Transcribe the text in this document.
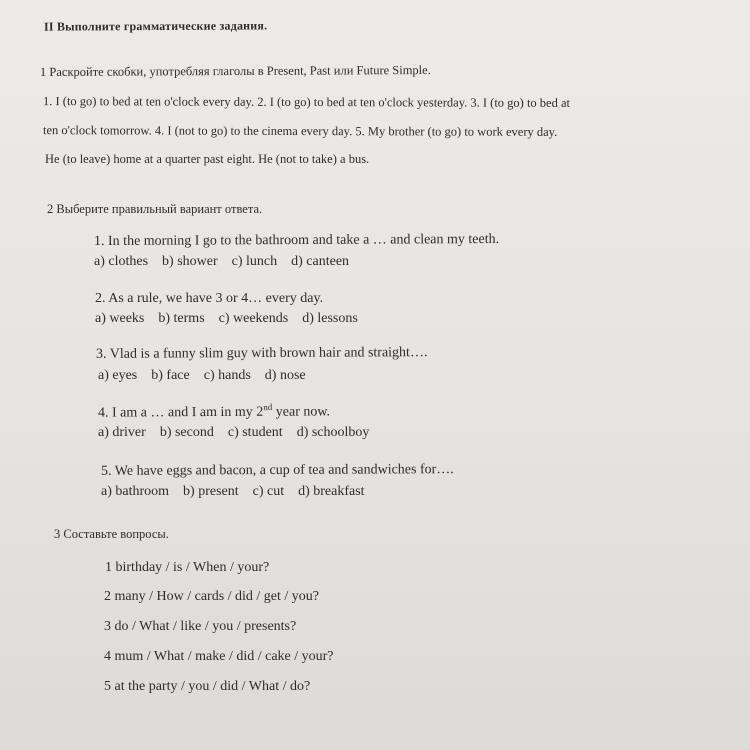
II Выполните грамматические задания.
1 Раскройте скобки, употребляя глаголы в Present, Past или Future Simple.
1. I (to go) to bed at ten o'clock every day. 2. I (to go) to bed at ten o'clock yesterday. 3. I (to go) to bed at
ten o'clock tomorrow. 4. I (not to go) to the cinema every day. 5. My brother (to go) to work every day.
He (to leave) home at a quarter past eight. He (not to take) a bus.
2 Выберите правильный вариант ответа.
1. In the morning I go to the bathroom and take a … and clean my teeth.
a) clothes b) shower c) lunch d) canteen
2. As a rule, we have 3 or 4… every day.
a) weeks b) terms c) weekends d) lessons
3. Vlad is a funny slim guy with brown hair and straight….
a) eyes b) face c) hands d) nose
4. I am a … and I am in my 2nd year now.
a) driver b) second c) student d) schoolboy
5. We have eggs and bacon, a cup of tea and sandwiches for….
a) bathroom b) present c) cut d) breakfast
3 Составьте вопросы.
1 birthday / is / When / your?
2 many / How / cards / did / get / you?
3 do / What / like / you / presents?
4 mum / What / make / did / cake / your?
5 at the party / you / did / What / do?
